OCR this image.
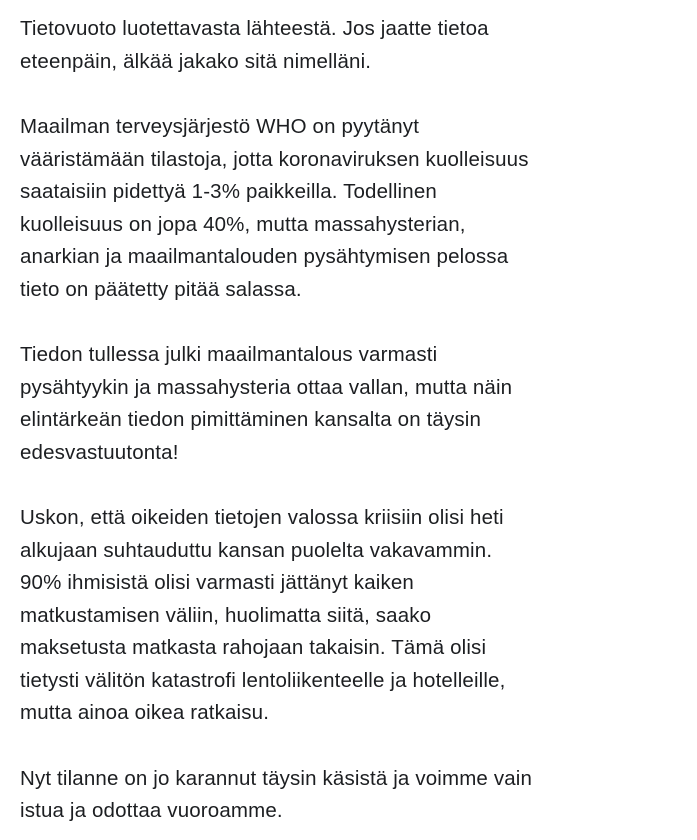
Tietovuoto luotettavasta lähteestä. Jos jaatte tietoa
eteenpäin, älkää jakako sitä nimelläni.

Maailman terveysjärjestö WHO on pyytänyt
vääristämään tilastoja, jotta koronaviruksen kuolleisuus
saataisiin pidettyä 1-3% paikkeilla. Todellinen
kuolleisuus on jopa 40%, mutta massahysterian,
anarkian ja maailmantalouden pysähtymisen pelossa
tieto on päätetty pitää salassa.

Tiedon tullessa julki maailmantalous varmasti
pysähtyykin ja massahysteria ottaa vallan, mutta näin
elintärkeän tiedon pimittäminen kansalta on täysin
edesvastuutonta!

Uskon, että oikeiden tietojen valossa kriisiin olisi heti
alkujaan suhtauduttu kansan puolelta vakavammin.
90% ihmisistä olisi varmasti jättänyt kaiken
matkustamisen väliin, huolimatta siitä, saako
maksetusta matkasta rahojaan takaisin. Tämä olisi
tietysti välitön katastrofi lentoliikenteelle ja hotelleille,
mutta ainoa oikea ratkaisu.

Nyt tilanne on jo karannut täysin käsistä ja voimme vain
istua ja odottaa vuoroamme.
